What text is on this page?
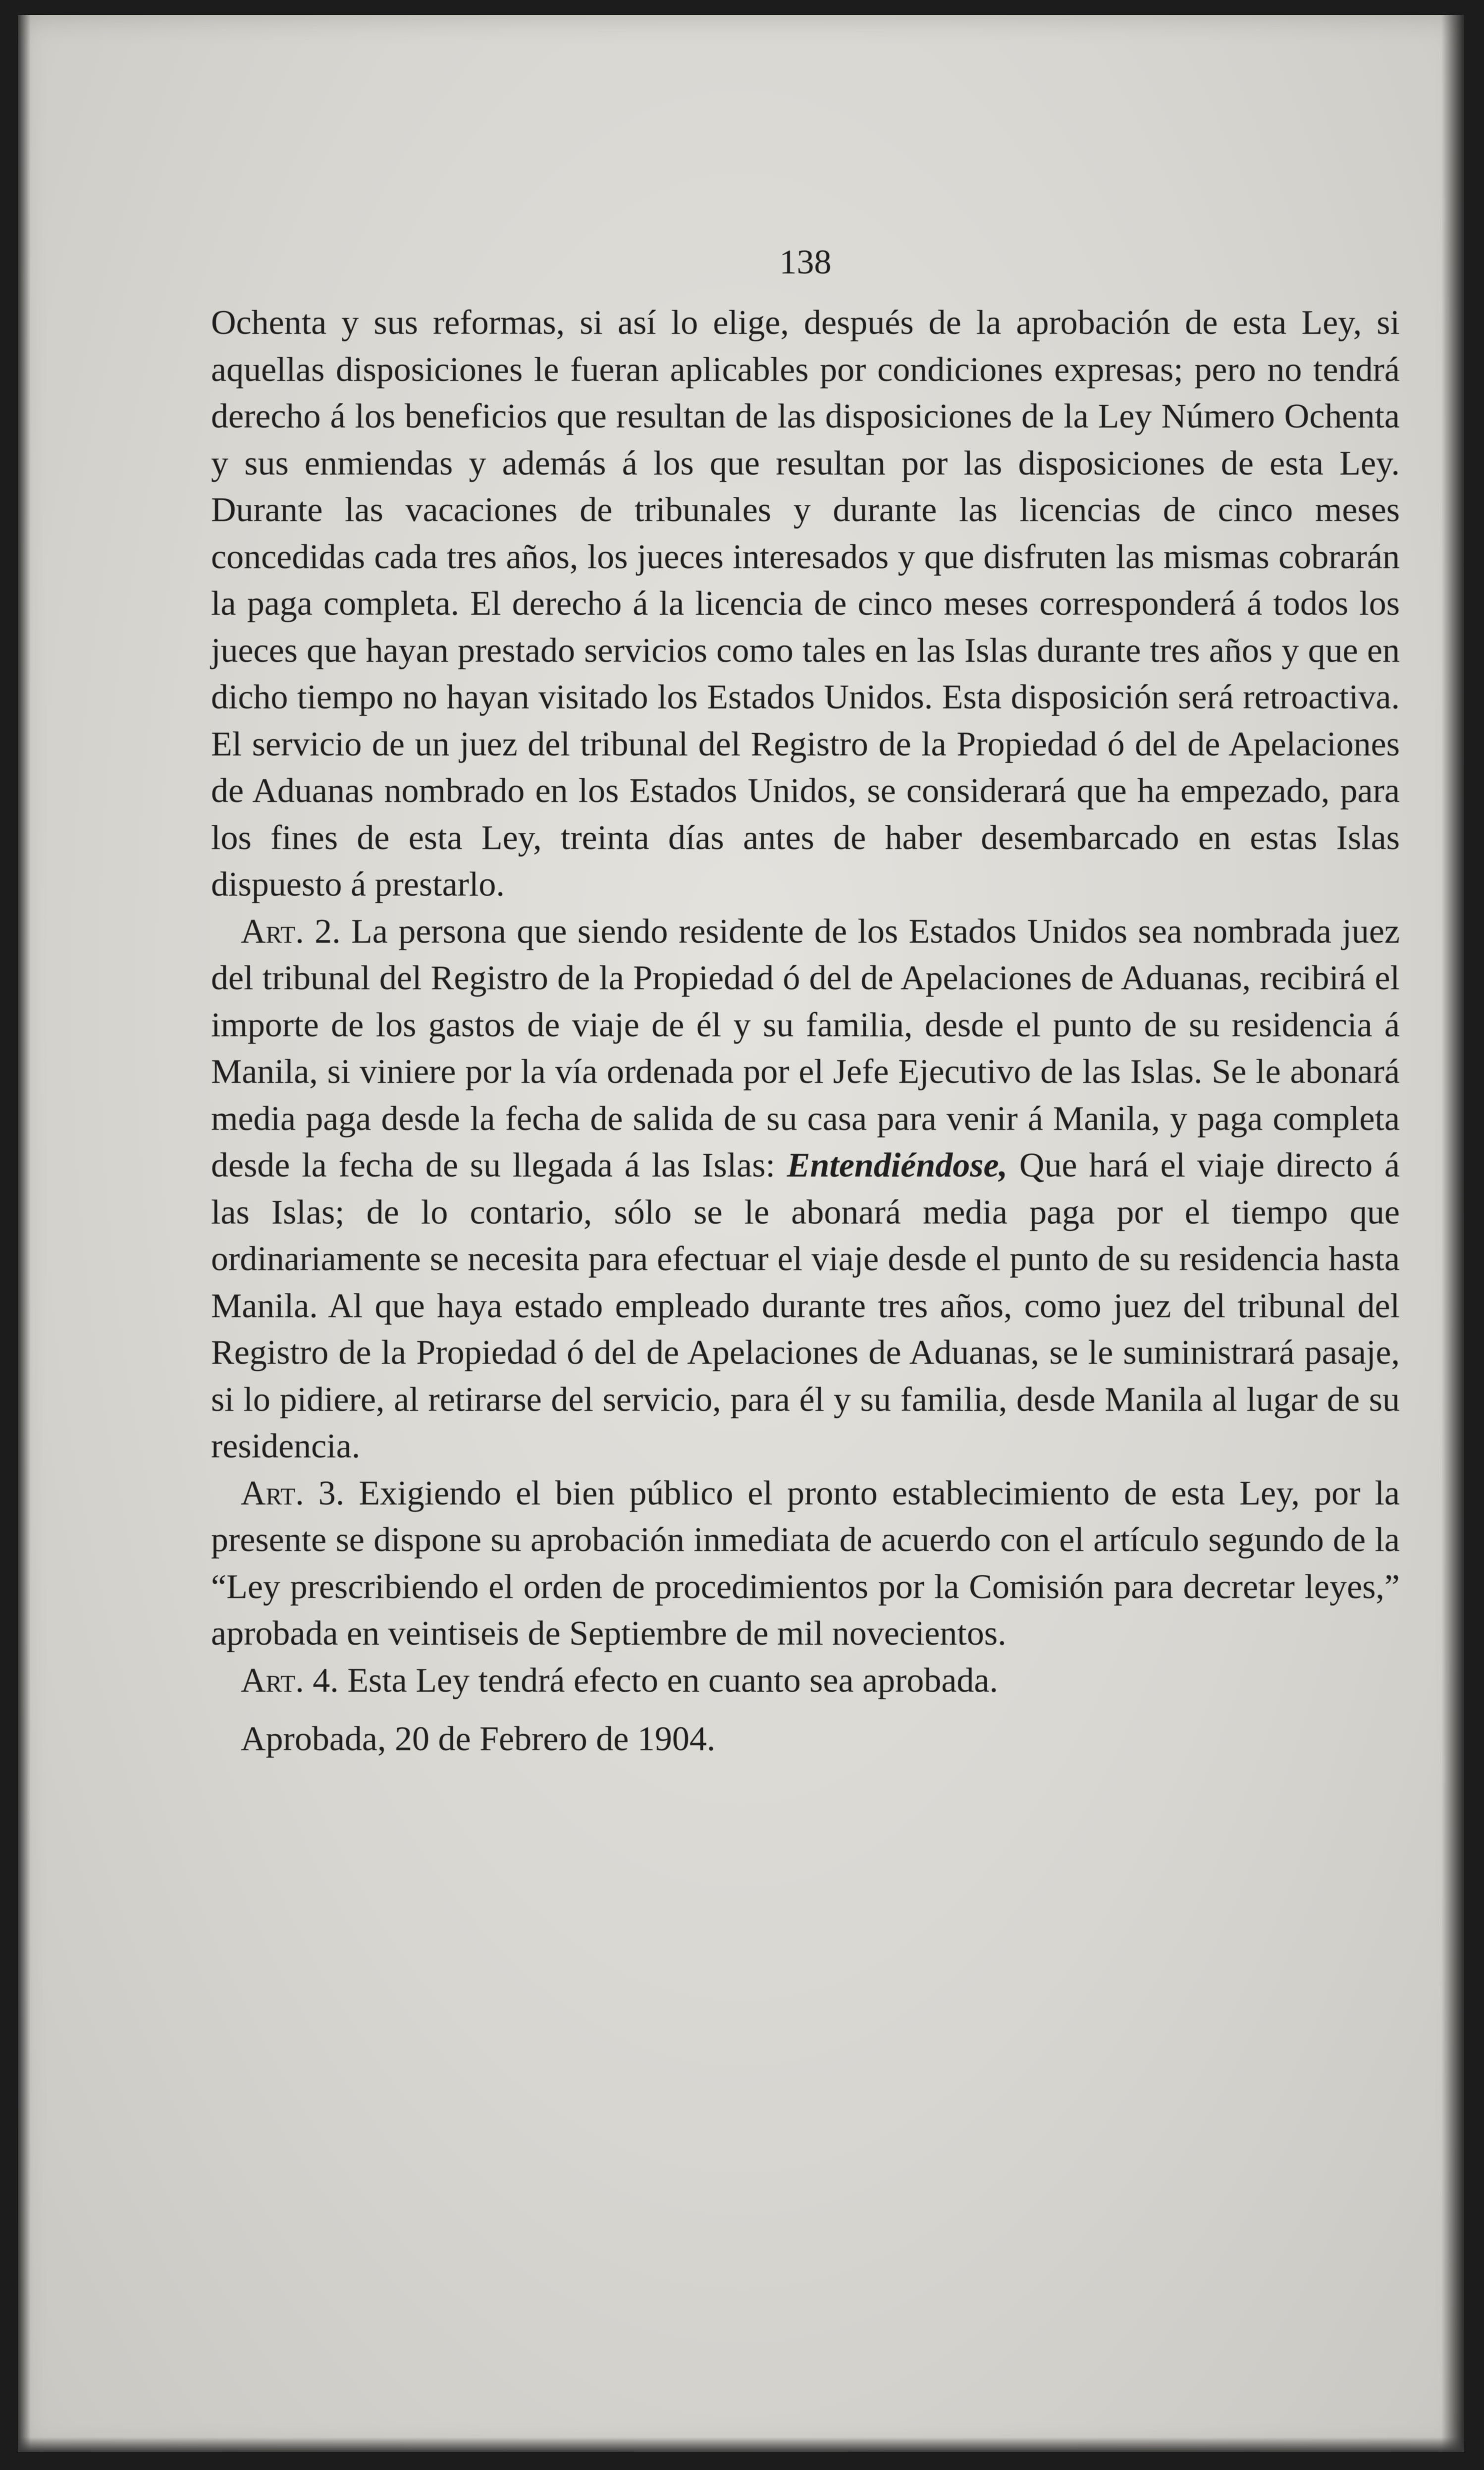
138

Ochenta y sus reformas, si así lo elige, después de la aprobación de esta Ley, si aquellas disposiciones le fueran aplicables por condiciones expresas; pero no tendrá derecho á los beneficios que resultan de las disposiciones de la Ley Número Ochenta y sus enmiendas y además á los que resultan por las disposiciones de esta Ley. Durante las vacaciones de tribunales y durante las licencias de cinco meses concedidas cada tres años, los jueces interesados y que disfruten las mismas cobrarán la paga completa. El derecho á la licencia de cinco meses corresponderá á todos los jueces que hayan prestado servicios como tales en las Islas durante tres años y que en dicho tiempo no hayan visitado los Estados Unidos. Esta disposición será retroactiva. El servicio de un juez del tribunal del Registro de la Propiedad ó del de Apelaciones de Aduanas nombrado en los Estados Unidos, se considerará que ha empezado, para los fines de esta Ley, treinta días antes de haber desembarcado en estas Islas dispuesto á prestarlo.

Art. 2. La persona que siendo residente de los Estados Unidos sea nombrada juez del tribunal del Registro de la Propiedad ó del de Apelaciones de Aduanas, recibirá el importe de los gastos de viaje de él y su familia, desde el punto de su residencia á Manila, si viniere por la vía ordenada por el Jefe Ejecutivo de las Islas. Se le abonará media paga desde la fecha de salida de su casa para venir á Manila, y paga completa desde la fecha de su llegada á las Islas: Entendiéndose, Que hará el viaje directo á las Islas; de lo contario, sólo se le abonará media paga por el tiempo que ordinariamente se necesita para efectuar el viaje desde el punto de su residencia hasta Manila. Al que haya estado empleado durante tres años, como juez del tribunal del Registro de la Propiedad ó del de Apelaciones de Aduanas, se le suministrará pasaje, si lo pidiere, al retirarse del servicio, para él y su familia, desde Manila al lugar de su residencia.

Art. 3. Exigiendo el bien público el pronto establecimiento de esta Ley, por la presente se dispone su aprobación inmediata de acuerdo con el artículo segundo de la “Ley prescribiendo el orden de procedimientos por la Comisión para decretar leyes,” aprobada en veintiseis de Septiembre de mil novecientos.

Art. 4. Esta Ley tendrá efecto en cuanto sea aprobada.

Aprobada, 20 de Febrero de 1904.
